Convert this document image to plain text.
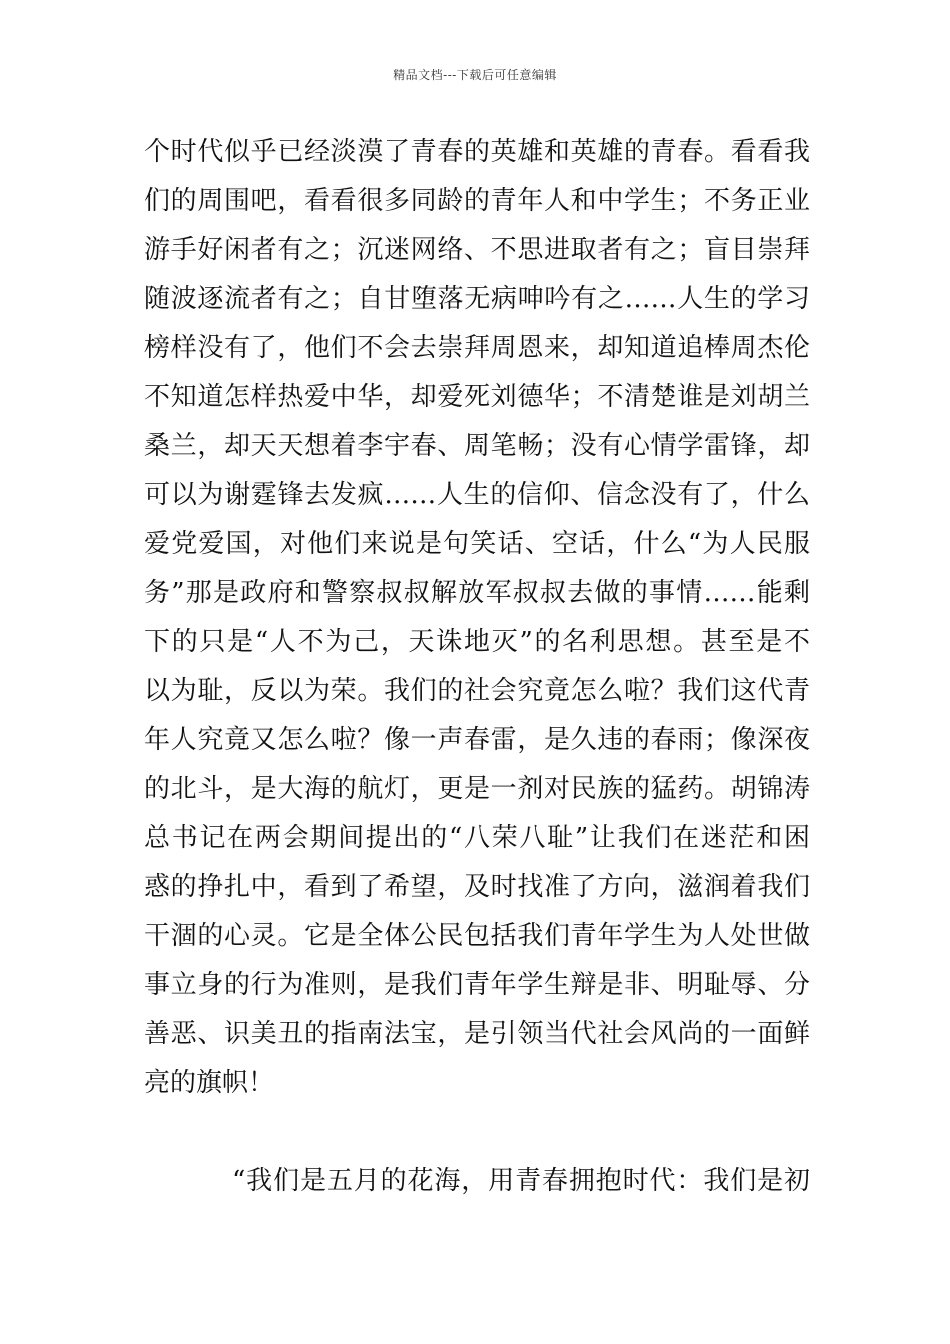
精品文档---下载后可任意编辑
个时代似乎已经淡漠了青春的英雄和英雄的青春。看看我
们的周围吧，看看很多同龄的青年人和中学生；不务正业
游手好闲者有之；沉迷网络、不思进取者有之；盲目崇拜
随波逐流者有之；自甘堕落无病呻吟有之……人生的学习
榜样没有了，他们不会去崇拜周恩来，却知道追棒周杰伦
不知道怎样热爱中华，却爱死刘德华；不清楚谁是刘胡兰
桑兰，却天天想着李宇春、周笔畅；没有心情学雷锋，却
可以为谢霆锋去发疯……人生的信仰、信念没有了，什么
爱党爱国，对他们来说是句笑话、空话，什么“为人民服
务”那是政府和警察叔叔解放军叔叔去做的事情……能剩
下的只是“人不为己，天诛地灭”的名利思想。甚至是不
以为耻，反以为荣。我们的社会究竟怎么啦？我们这代青
年人究竟又怎么啦？像一声春雷，是久违的春雨；像深夜
的北斗，是大海的航灯，更是一剂对民族的猛药。胡锦涛
总书记在两会期间提出的“八荣八耻”让我们在迷茫和困
惑的挣扎中，看到了希望，及时找准了方向，滋润着我们
干涸的心灵。它是全体公民包括我们青年学生为人处世做
事立身的行为准则，是我们青年学生辩是非、明耻辱、分
善恶、识美丑的指南法宝，是引领当代社会风尚的一面鲜
亮的旗帜！
“我们是五月的花海，用青春拥抱时代：我们是初
